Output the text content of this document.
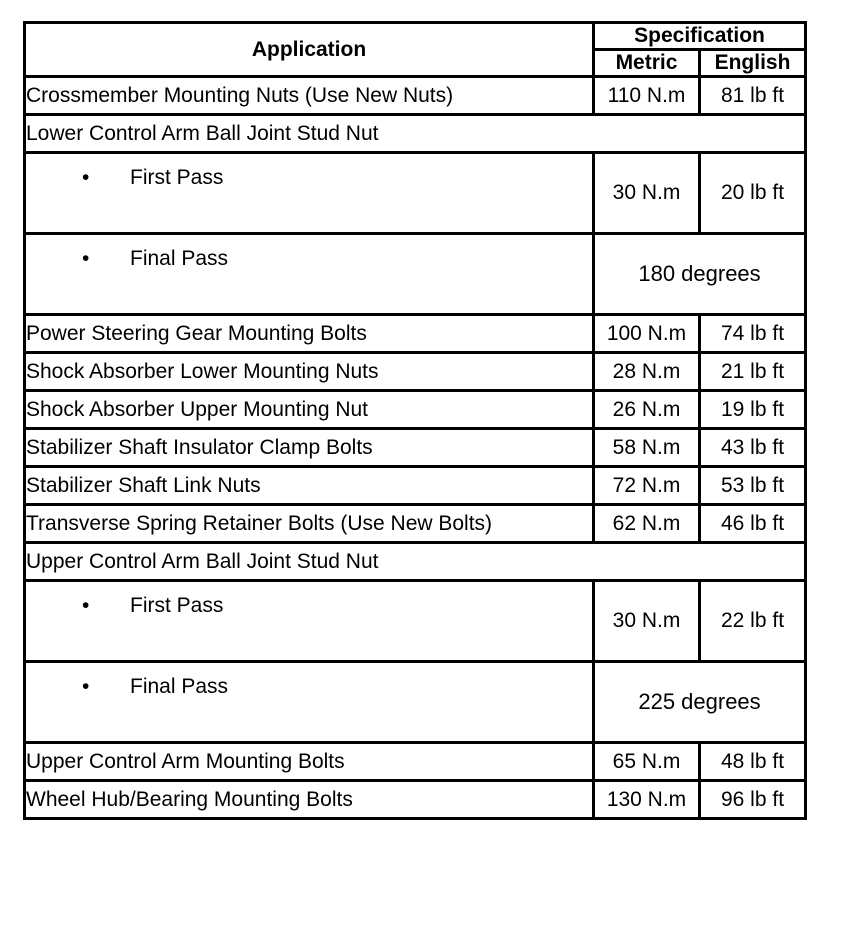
Application	Specification	
	Metric	English
Crossmember Mounting Nuts (Use New Nuts)	110 N.m	81 lb ft
Lower Control Arm Ball Joint Stud Nut		

• First Pass	30 N.m	20 lb ft

• Final Pass	180 degrees	
Power Steering Gear Mounting Bolts	100 N.m	74 lb ft
Shock Absorber Lower Mounting Nuts	28 N.m	21 lb ft
Shock Absorber Upper Mounting Nut	26 N.m	19 lb ft
Stabilizer Shaft Insulator Clamp Bolts	58 N.m	43 lb ft
Stabilizer Shaft Link Nuts	72 N.m	53 lb ft
Transverse Spring Retainer Bolts (Use New Bolts)	62 N.m	46 lb ft
Upper Control Arm Ball Joint Stud Nut		

• First Pass	30 N.m	22 lb ft

• Final Pass	225 degrees	
Upper Control Arm Mounting Bolts	65 N.m	48 lb ft
Wheel Hub/Bearing Mounting Bolts	130 N.m	96 lb ft
